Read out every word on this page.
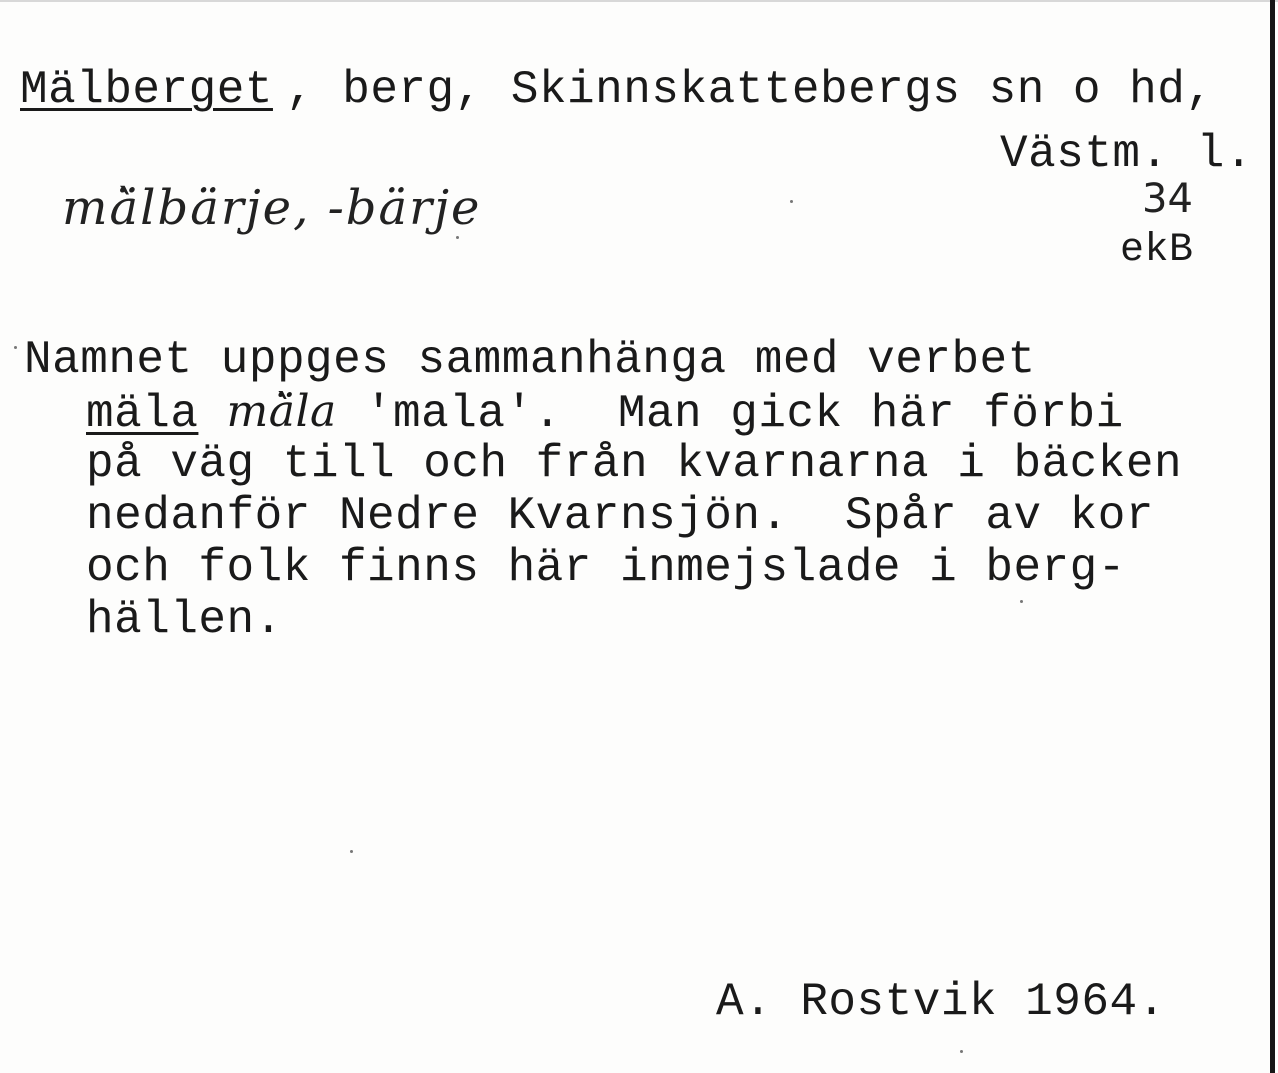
Mälberget , berg, Skinnskattebergs sn o hd,
Västm. l.
mä̀lbärje, -bärje	34
ekB
Namnet uppges sammanhänga med verbet
mäla mä̀la 'mala'.  Man gick här förbi
på väg till och från kvarnarna i bäcken
nedanför Nedre Kvarnsjön.  Spår av kor
och folk finns här inmejslade i berg-
hällen.
A. Rostvik 1964.
